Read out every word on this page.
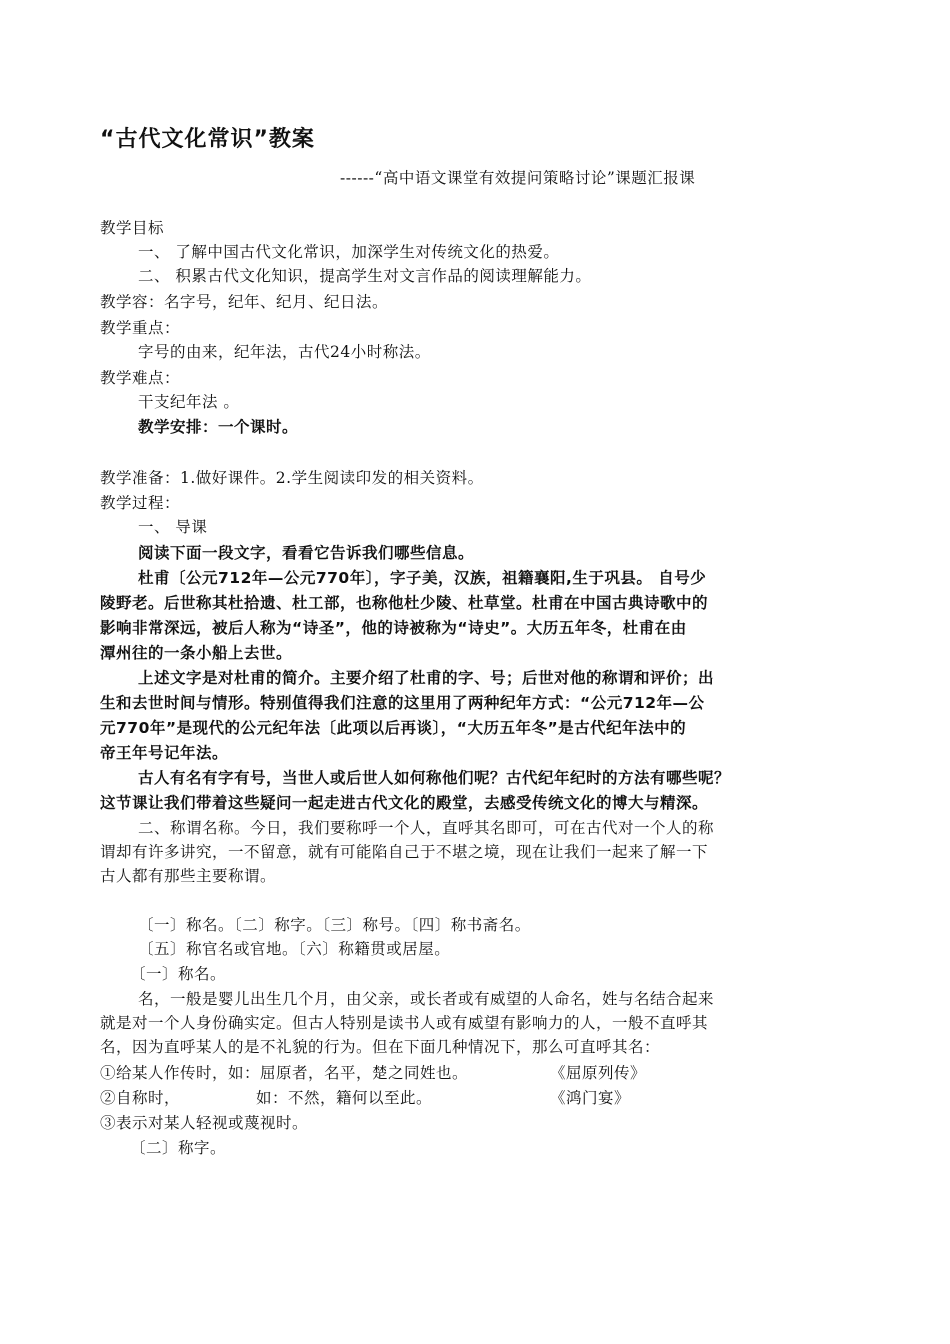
“古代文化常识”教案
------“高中语文课堂有效提问策略讨论”课题汇报课
教学目标
一、 了解中国古代文化常识，加深学生对传统文化的热爱。
二、 积累古代文化知识，提高学生对文言作品的阅读理解能力。
教学容：名字号，纪年、纪月、纪日法。
教学重点：
字号的由来，纪年法，古代24小时称法。
教学难点：
干支纪年法 。
教学安排：一个课时。
教学准备：1.做好课件。2.学生阅读印发的相关资料。
教学过程：
一、 导课
阅读下面一段文字，看看它告诉我们哪些信息。
杜甫〔公元712年—公元770年〕，字子美，汉族，祖籍襄阳,生于巩县。 自号少
陵野老。后世称其杜拾遗、杜工部，也称他杜少陵、杜草堂。杜甫在中国古典诗歌中的
影响非常深远，被后人称为“诗圣”，他的诗被称为“诗史”。大历五年冬，杜甫在由
潭州往的一条小船上去世。
上述文字是对杜甫的简介。主要介绍了杜甫的字、号；后世对他的称谓和评价；出
生和去世时间与情形。特别值得我们注意的这里用了两种纪年方式：“公元712年—公
元770年”是现代的公元纪年法〔此项以后再谈〕，“大历五年冬”是古代纪年法中的
帝王年号记年法。
古人有名有字有号，当世人或后世人如何称他们呢？古代纪年纪时的方法有哪些呢？
这节课让我们带着这些疑问一起走进古代文化的殿堂，去感受传统文化的博大与精深。
二、称谓名称。今日，我们要称呼一个人，直呼其名即可，可在古代对一个人的称
谓却有许多讲究，一不留意，就有可能陷自己于不堪之境，现在让我们一起来了解一下
古人都有那些主要称谓。
〔一〕称名。〔二〕称字。〔三〕称号。〔四〕称书斋名。
〔五〕称官名或官地。〔六〕称籍贯或居屋。
〔一〕称名。
名，一般是婴儿出生几个月，由父亲，或长者或有威望的人命名，姓与名结合起来
就是对一个人身份确实定。但古人特别是读书人或有威望有影响力的人，一般不直呼其
名，因为直呼某人的是不礼貌的行为。但在下面几种情况下，那么可直呼其名：
①给某人作传时，如：屈原者，名平，楚之同姓也。	《屈原列传》
②自称时，	如：不然，籍何以至此。	《鸿门宴》
③表示对某人轻视或蔑视时。
〔二〕称字。
